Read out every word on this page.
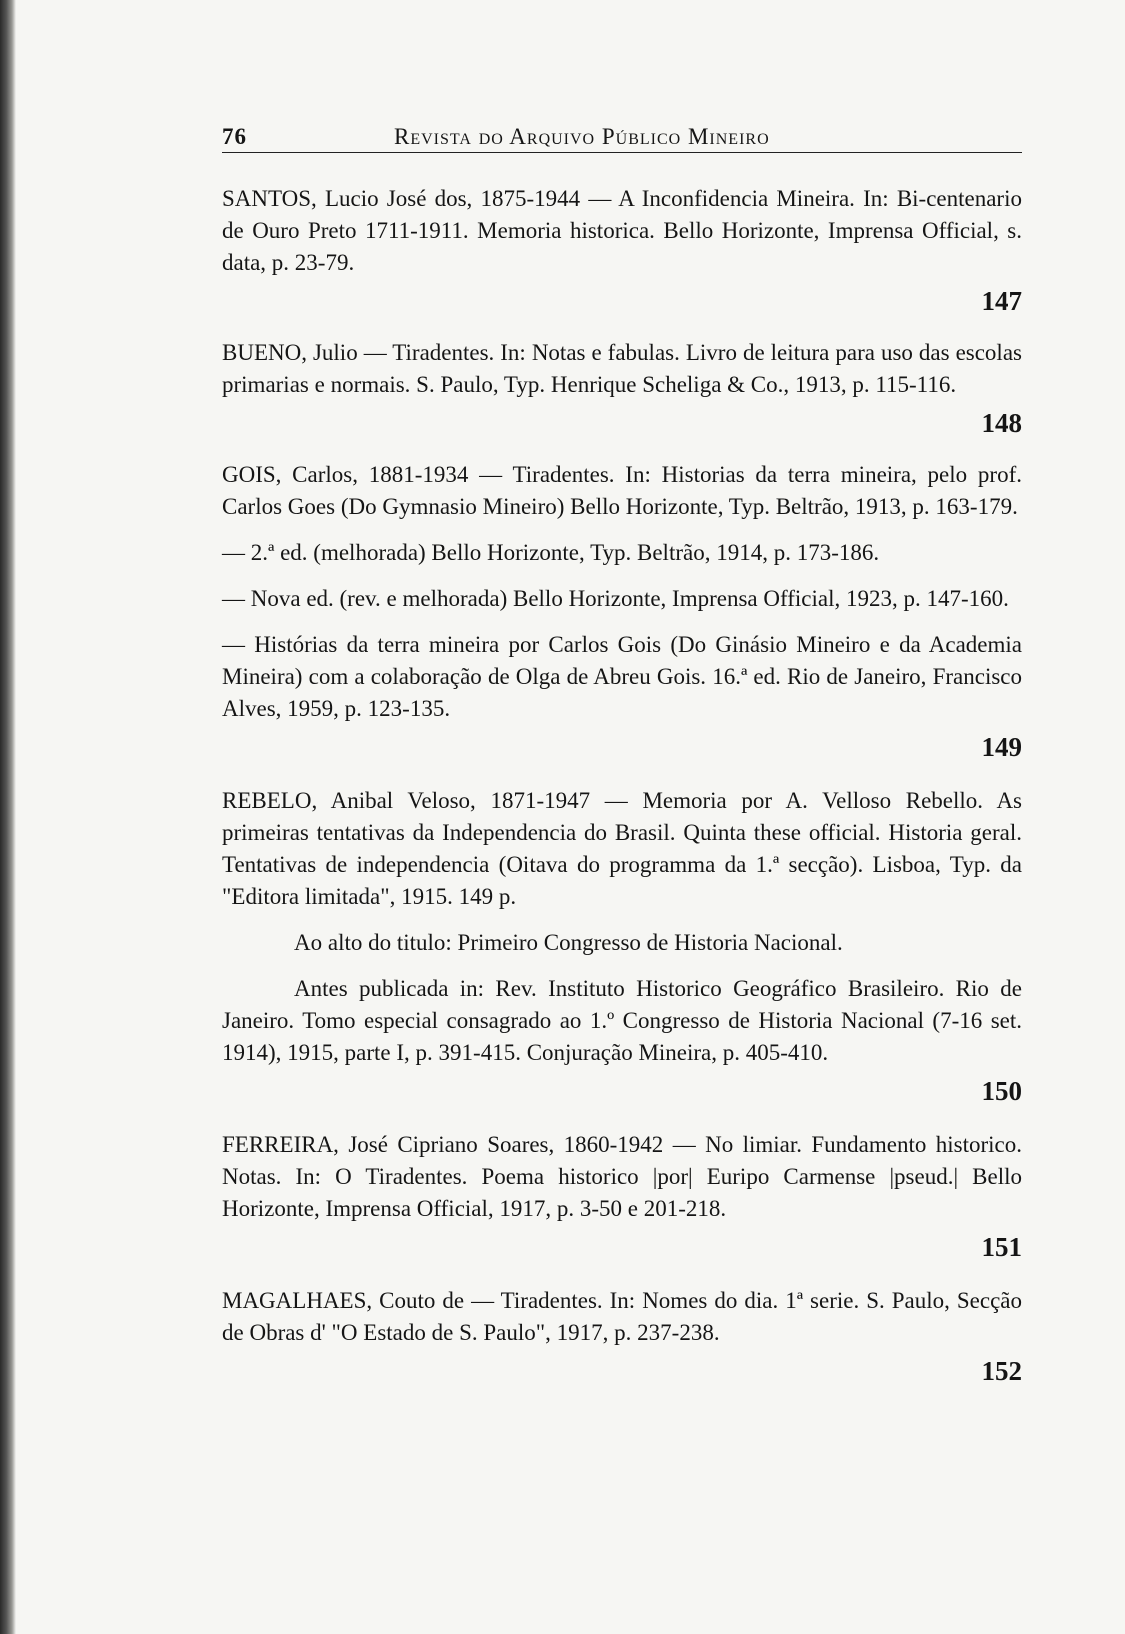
76	Revista do Arquivo Público Mineiro

SANTOS, Lucio José dos, 1875-1944 — A Inconfidencia Mineira. In: Bi-centenario de Ouro Preto 1711-1911. Memoria historica. Bello Horizonte, Imprensa Official, s. data, p. 23-79.

147

BUENO, Julio — Tiradentes. In: Notas e fabulas. Livro de leitura para uso das escolas primarias e normais. S. Paulo, Typ. Henrique Scheliga & Co., 1913, p. 115-116.

148

GOIS, Carlos, 1881-1934 — Tiradentes. In: Historias da terra mineira, pelo prof. Carlos Goes (Do Gymnasio Mineiro) Bello Horizonte, Typ. Beltrão, 1913, p. 163-179.

— 2.ª ed. (melhorada) Bello Horizonte, Typ. Beltrão, 1914, p. 173-186.

— Nova ed. (rev. e melhorada) Bello Horizonte, Imprensa Official, 1923, p. 147-160.

— Histórias da terra mineira por Carlos Gois (Do Ginásio Mineiro e da Academia Mineira) com a colaboração de Olga de Abreu Gois. 16.ª ed. Rio de Janeiro, Francisco Alves, 1959, p. 123-135.

149

REBELO, Anibal Veloso, 1871-1947 — Memoria por A. Velloso Rebello. As primeiras tentativas da Independencia do Brasil. Quinta these official. Historia geral. Tentativas de independencia (Oitava do programma da 1.ª secção). Lisboa, Typ. da "Editora limitada", 1915. 149 p.

Ao alto do titulo: Primeiro Congresso de Historia Nacional.

Antes publicada in: Rev. Instituto Historico Geográfico Brasileiro. Rio de Janeiro. Tomo especial consagrado ao 1.º Congresso de Historia Nacional (7-16 set. 1914), 1915, parte I, p. 391-415. Conjuração Mineira, p. 405-410.

150

FERREIRA, José Cipriano Soares, 1860-1942 — No limiar. Fundamento historico. Notas. In: O Tiradentes. Poema historico |por| Euripo Carmense |pseud.| Bello Horizonte, Imprensa Official, 1917, p. 3-50 e 201-218.

151

MAGALHAES, Couto de — Tiradentes. In: Nomes do dia. 1ª serie. S. Paulo, Secção de Obras d' "O Estado de S. Paulo", 1917, p. 237-238.

152
